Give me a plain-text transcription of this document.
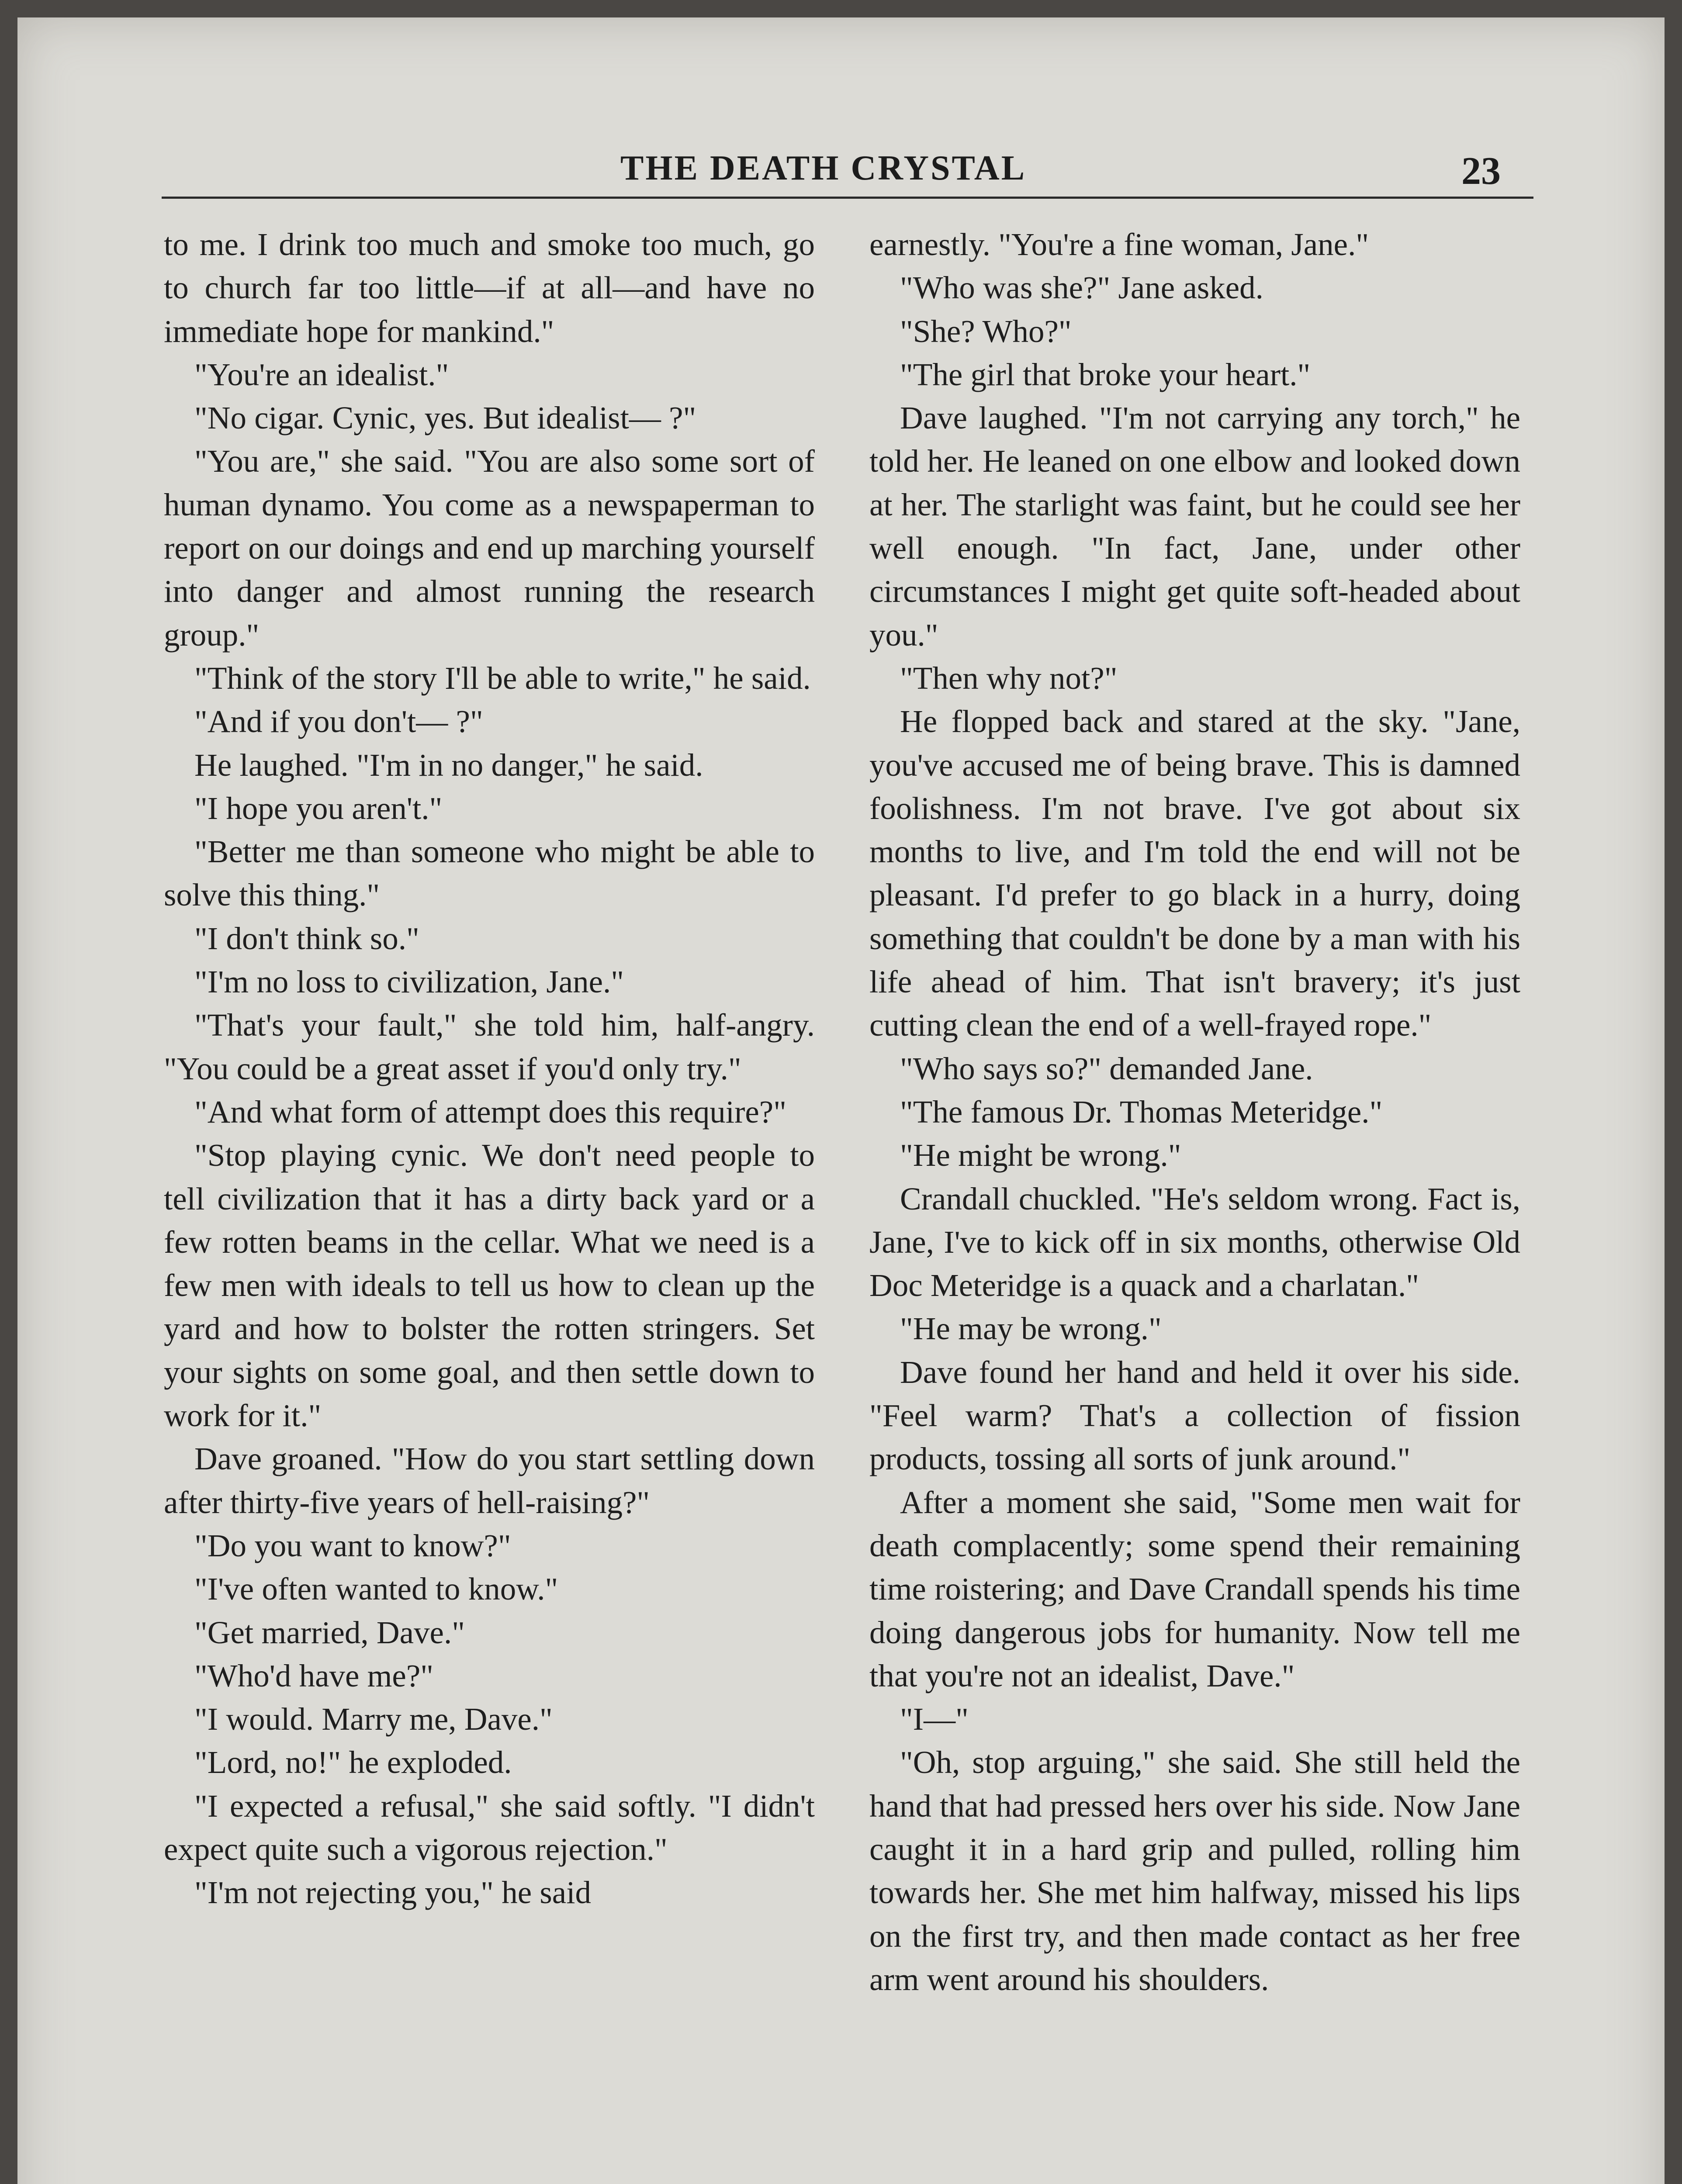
THE DEATH CRYSTAL	23

to me. I drink too much and smoke too much, go to church far too little—if at all—and have no immediate hope for mankind."

"You're an idealist."

"No cigar. Cynic, yes. But idealist— ?"

"You are," she said. "You are also some sort of human dynamo. You come as a newspaperman to report on our doings and end up marching yourself into danger and almost running the research group."

"Think of the story I'll be able to write," he said.

"And if you don't— ?"

He laughed. "I'm in no danger," he said.

"I hope you aren't."

"Better me than someone who might be able to solve this thing."

"I don't think so."

"I'm no loss to civilization, Jane."

"That's your fault," she told him, half-angry. "You could be a great asset if you'd only try."

"And what form of attempt does this require?"

"Stop playing cynic. We don't need people to tell civilization that it has a dirty back yard or a few rotten beams in the cellar. What we need is a few men with ideals to tell us how to clean up the yard and how to bolster the rotten stringers. Set your sights on some goal, and then settle down to work for it."

Dave groaned. "How do you start settling down after thirty-five years of hell-raising?"

"Do you want to know?"

"I've often wanted to know."

"Get married, Dave."

"Who'd have me?"

"I would. Marry me, Dave."

"Lord, no!" he exploded.

"I expected a refusal," she said softly. "I didn't expect quite such a vigorous rejection."

"I'm not rejecting you," he said

earnestly. "You're a fine woman, Jane."

"Who was she?" Jane asked.

"She? Who?"

"The girl that broke your heart."

Dave laughed. "I'm not carrying any torch," he told her. He leaned on one elbow and looked down at her. The starlight was faint, but he could see her well enough. "In fact, Jane, under other circumstances I might get quite soft-headed about you."

"Then why not?"

He flopped back and stared at the sky. "Jane, you've accused me of being brave. This is damned foolishness. I'm not brave. I've got about six months to live, and I'm told the end will not be pleasant. I'd prefer to go black in a hurry, doing something that couldn't be done by a man with his life ahead of him. That isn't bravery; it's just cutting clean the end of a well-frayed rope."

"Who says so?" demanded Jane.

"The famous Dr. Thomas Meteridge."

"He might be wrong."

Crandall chuckled. "He's seldom wrong. Fact is, Jane, I've to kick off in six months, otherwise Old Doc Meteridge is a quack and a charlatan."

"He may be wrong."

Dave found her hand and held it over his side. "Feel warm? That's a collection of fission products, tossing all sorts of junk around."

After a moment she said, "Some men wait for death complacently; some spend their remaining time roistering; and Dave Crandall spends his time doing dangerous jobs for humanity. Now tell me that you're not an idealist, Dave."

"I—"

"Oh, stop arguing," she said. She still held the hand that had pressed hers over his side. Now Jane caught it in a hard grip and pulled, rolling him towards her. She met him halfway, missed his lips on the first try, and then made contact as her free arm went around his shoulders.
